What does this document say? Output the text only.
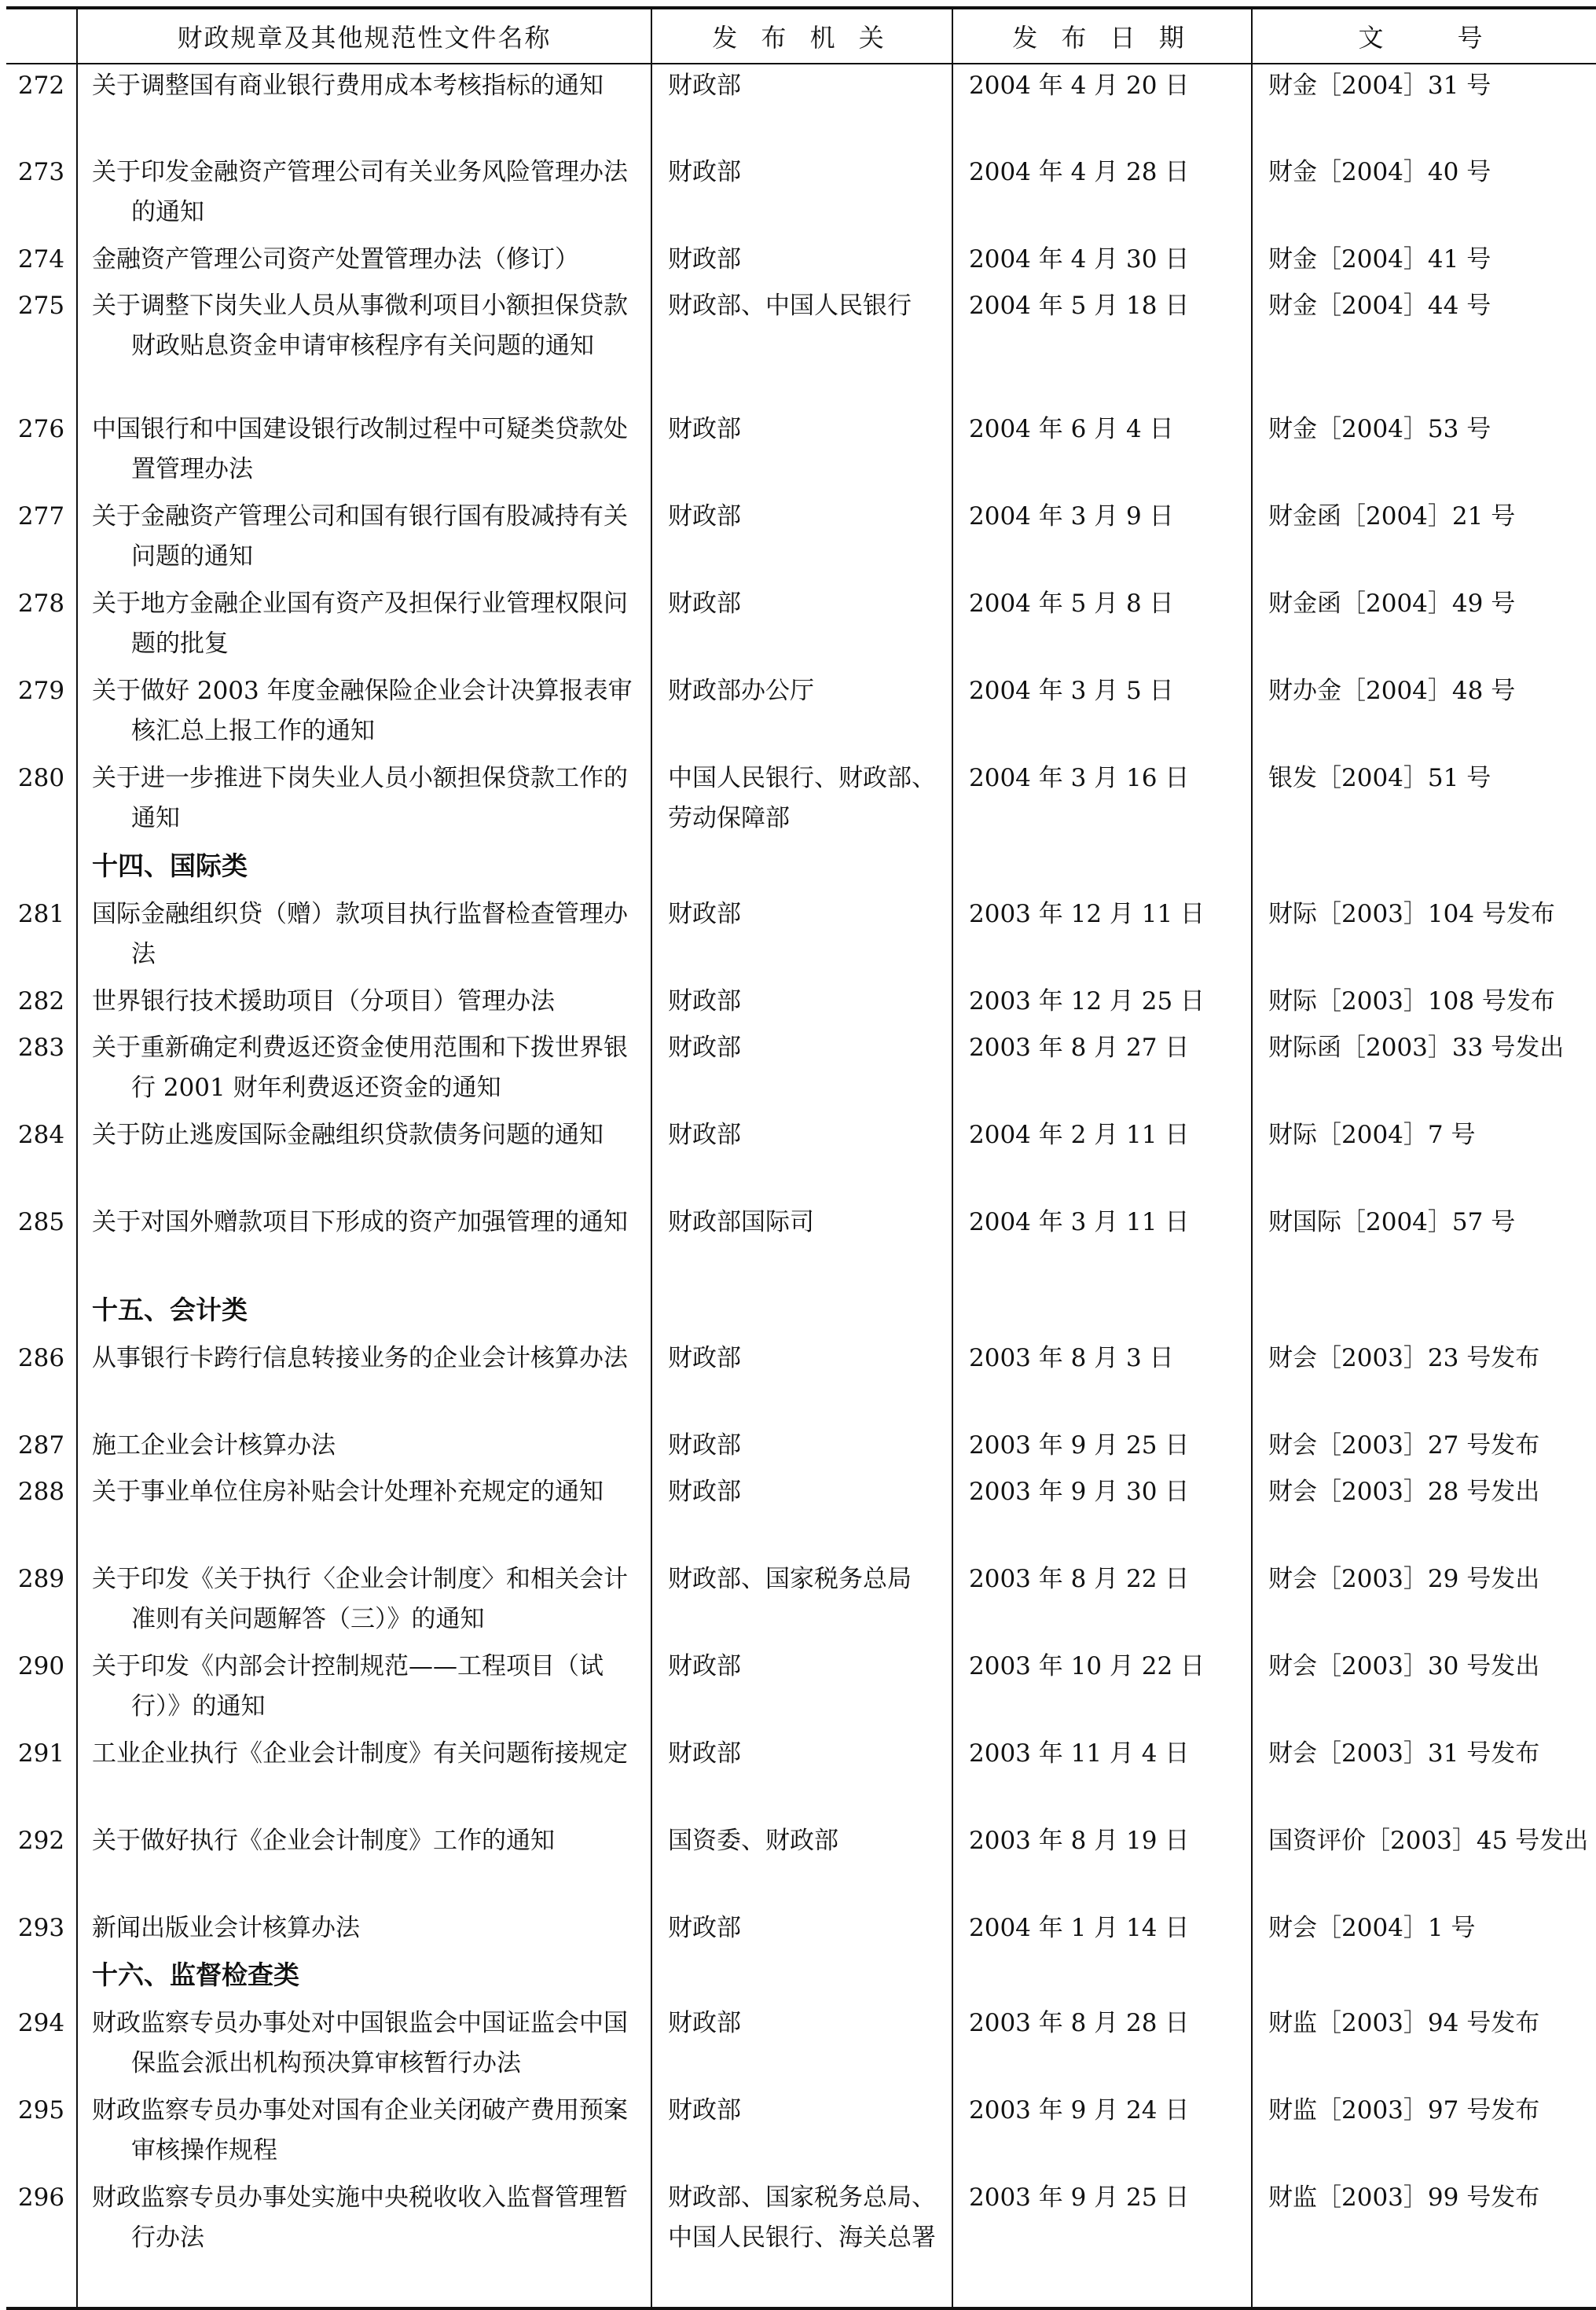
	财政规章及其他规范性文件名称	发 布 机 关	发 布 日 期	文　　号
272	关于调整国有商业银行费用成本考核指标的通知	财政部	2004 年 4 月 20 日	财金［2004］31 号
273	关于印发金融资产管理公司有关业务风险管理办法的通知	财政部	2004 年 4 月 28 日	财金［2004］40 号
274	金融资产管理公司资产处置管理办法（修订）	财政部	2004 年 4 月 30 日	财金［2004］41 号
275	关于调整下岗失业人员从事微利项目小额担保贷款财政贴息资金申请审核程序有关问题的通知	财政部、中国人民银行	2004 年 5 月 18 日	财金［2004］44 号
276	中国银行和中国建设银行改制过程中可疑类贷款处置管理办法	财政部	2004 年 6 月 4 日	财金［2004］53 号
277	关于金融资产管理公司和国有银行国有股减持有关问题的通知	财政部	2004 年 3 月 9 日	财金函［2004］21 号
278	关于地方金融企业国有资产及担保行业管理权限问题的批复	财政部	2004 年 5 月 8 日	财金函［2004］49 号
279	关于做好 2003 年度金融保险企业会计决算报表审核汇总上报工作的通知	财政部办公厅	2004 年 3 月 5 日	财办金［2004］48 号
280	关于进一步推进下岗失业人员小额担保贷款工作的通知	中国人民银行、财政部、劳动保障部	2004 年 3 月 16 日	银发［2004］51 号
	十四、国际类			
281	国际金融组织贷（赠）款项目执行监督检查管理办法	财政部	2003 年 12 月 11 日	财际［2003］104 号发布
282	世界银行技术援助项目（分项目）管理办法	财政部	2003 年 12 月 25 日	财际［2003］108 号发布
283	关于重新确定利费返还资金使用范围和下拨世界银行 2001 财年利费返还资金的通知	财政部	2003 年 8 月 27 日	财际函［2003］33 号发出
284	关于防止逃废国际金融组织贷款债务问题的通知	财政部	2004 年 2 月 11 日	财际［2004］7 号
285	关于对国外赠款项目下形成的资产加强管理的通知	财政部国际司	2004 年 3 月 11 日	财国际［2004］57 号
	十五、会计类			
286	从事银行卡跨行信息转接业务的企业会计核算办法	财政部	2003 年 8 月 3 日	财会［2003］23 号发布
287	施工企业会计核算办法	财政部	2003 年 9 月 25 日	财会［2003］27 号发布
288	关于事业单位住房补贴会计处理补充规定的通知	财政部	2003 年 9 月 30 日	财会［2003］28 号发出
289	关于印发《关于执行〈企业会计制度〉和相关会计准则有关问题解答（三）》的通知	财政部、国家税务总局	2003 年 8 月 22 日	财会［2003］29 号发出
290	关于印发《内部会计控制规范——工程项目（试行）》的通知	财政部	2003 年 10 月 22 日	财会［2003］30 号发出
291	工业企业执行《企业会计制度》有关问题衔接规定	财政部	2003 年 11 月 4 日	财会［2003］31 号发布
292	关于做好执行《企业会计制度》工作的通知	国资委、财政部	2003 年 8 月 19 日	国资评价［2003］45 号发出
293	新闻出版业会计核算办法	财政部	2004 年 1 月 14 日	财会［2004］1 号
	十六、监督检查类			
294	财政监察专员办事处对中国银监会中国证监会中国保监会派出机构预决算审核暂行办法	财政部	2003 年 8 月 28 日	财监［2003］94 号发布
295	财政监察专员办事处对国有企业关闭破产费用预案审核操作规程	财政部	2003 年 9 月 24 日	财监［2003］97 号发布
296	财政监察专员办事处实施中央税收收入监督管理暂行办法	财政部、国家税务总局、中国人民银行、海关总署	2003 年 9 月 25 日	财监［2003］99 号发布
